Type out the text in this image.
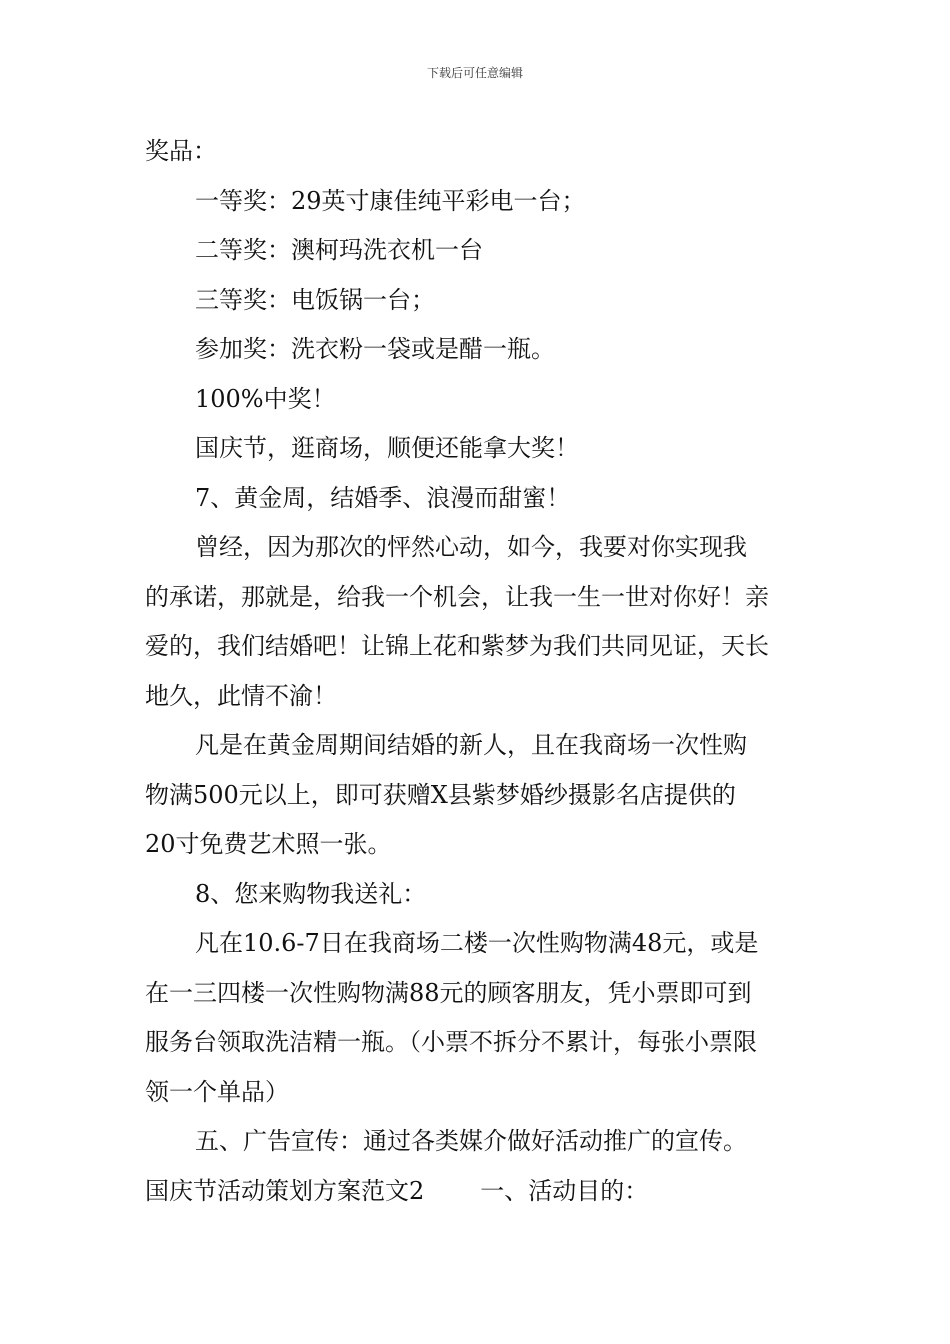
下载后可任意编辑
奖品：
一等奖：29英寸康佳纯平彩电一台；
二等奖：澳柯玛洗衣机一台
三等奖：电饭锅一台；
参加奖：洗衣粉一袋或是醋一瓶。
100%中奖！
国庆节，逛商场，顺便还能拿大奖！
7、黄金周，结婚季、浪漫而甜蜜！
曾经，因为那次的怦然心动，如今，我要对你实现我
的承诺，那就是，给我一个机会，让我一生一世对你好！亲
爱的，我们结婚吧！让锦上花和紫梦为我们共同见证，天长
地久，此情不渝！
凡是在黄金周期间结婚的新人，且在我商场一次性购
物满500元以上，即可获赠X县紫梦婚纱摄影名店提供的
20寸免费艺术照一张。
8、您来购物我送礼：
凡在10.6-7日在我商场二楼一次性购物满48元，或是
在一三四楼一次性购物满88元的顾客朋友，凭小票即可到
服务台领取洗洁精一瓶。（小票不拆分不累计，每张小票限
领一个单品）
五、广告宣传：通过各类媒介做好活动推广的宣传。
国庆节活动策划方案范文2 一、活动目的：
